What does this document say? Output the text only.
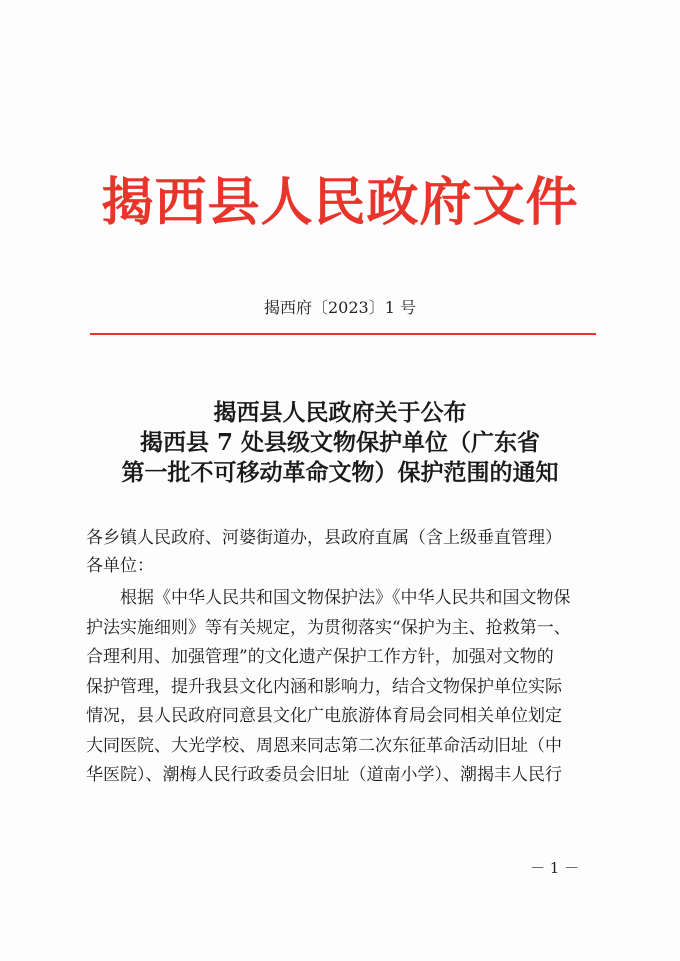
揭西县人民政府文件
揭西府〔2023〕1 号
揭西县人民政府关于公布
揭西县 7 处县级文物保护单位（广东省
第一批不可移动革命文物）保护范围的通知
各乡镇人民政府、河婆街道办，县政府直属（含上级垂直管理）
各单位：
根据《中华人民共和国文物保护法》《中华人民共和国文物保
护法实施细则》等有关规定，为贯彻落实“保护为主、抢救第一、
合理利用、加强管理”的文化遗产保护工作方针，加强对文物的
保护管理，提升我县文化内涵和影响力，结合文物保护单位实际
情况，县人民政府同意县文化广电旅游体育局会同相关单位划定
大同医院、大光学校、周恩来同志第二次东征革命活动旧址（中
华医院）、潮梅人民行政委员会旧址（道南小学）、潮揭丰人民行
－ 1 －
